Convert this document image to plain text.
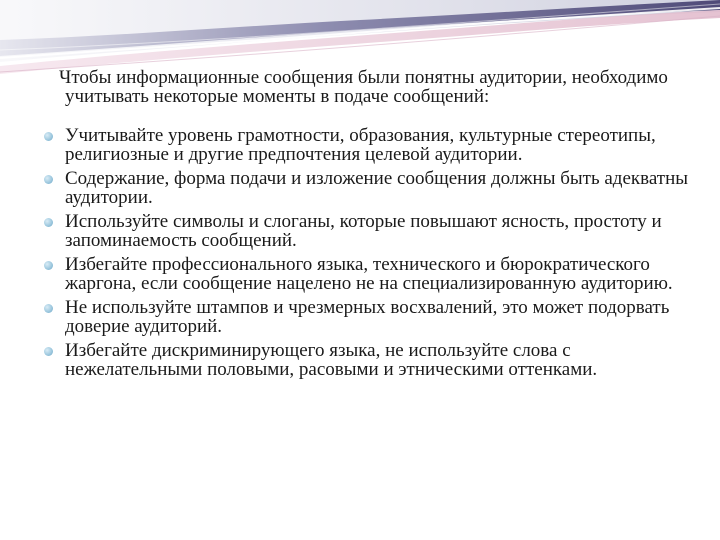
Чтобы информационные сообщения были понятны аудитории, необходимо учитывать некоторые моменты в подаче сообщений:

Учитывайте уровень грамотности, образования, культурные стереотипы, религиозные и другие предпочтения целевой аудитории.
Содержание, форма подачи и изложение сообщения должны быть адекватны аудитории.
Используйте символы и слоганы, которые повышают ясность, простоту и запоминаемость сообщений.
Избегайте профессионального языка, технического и бюрократического жаргона, если сообщение нацелено не на специализированную аудиторию.
Не используйте штампов и чрезмерных восхвалений, это может подорвать доверие аудиторий.
Избегайте дискриминирующего языка, не используйте слова с нежелательными половыми, расовыми и этническими оттенками.
